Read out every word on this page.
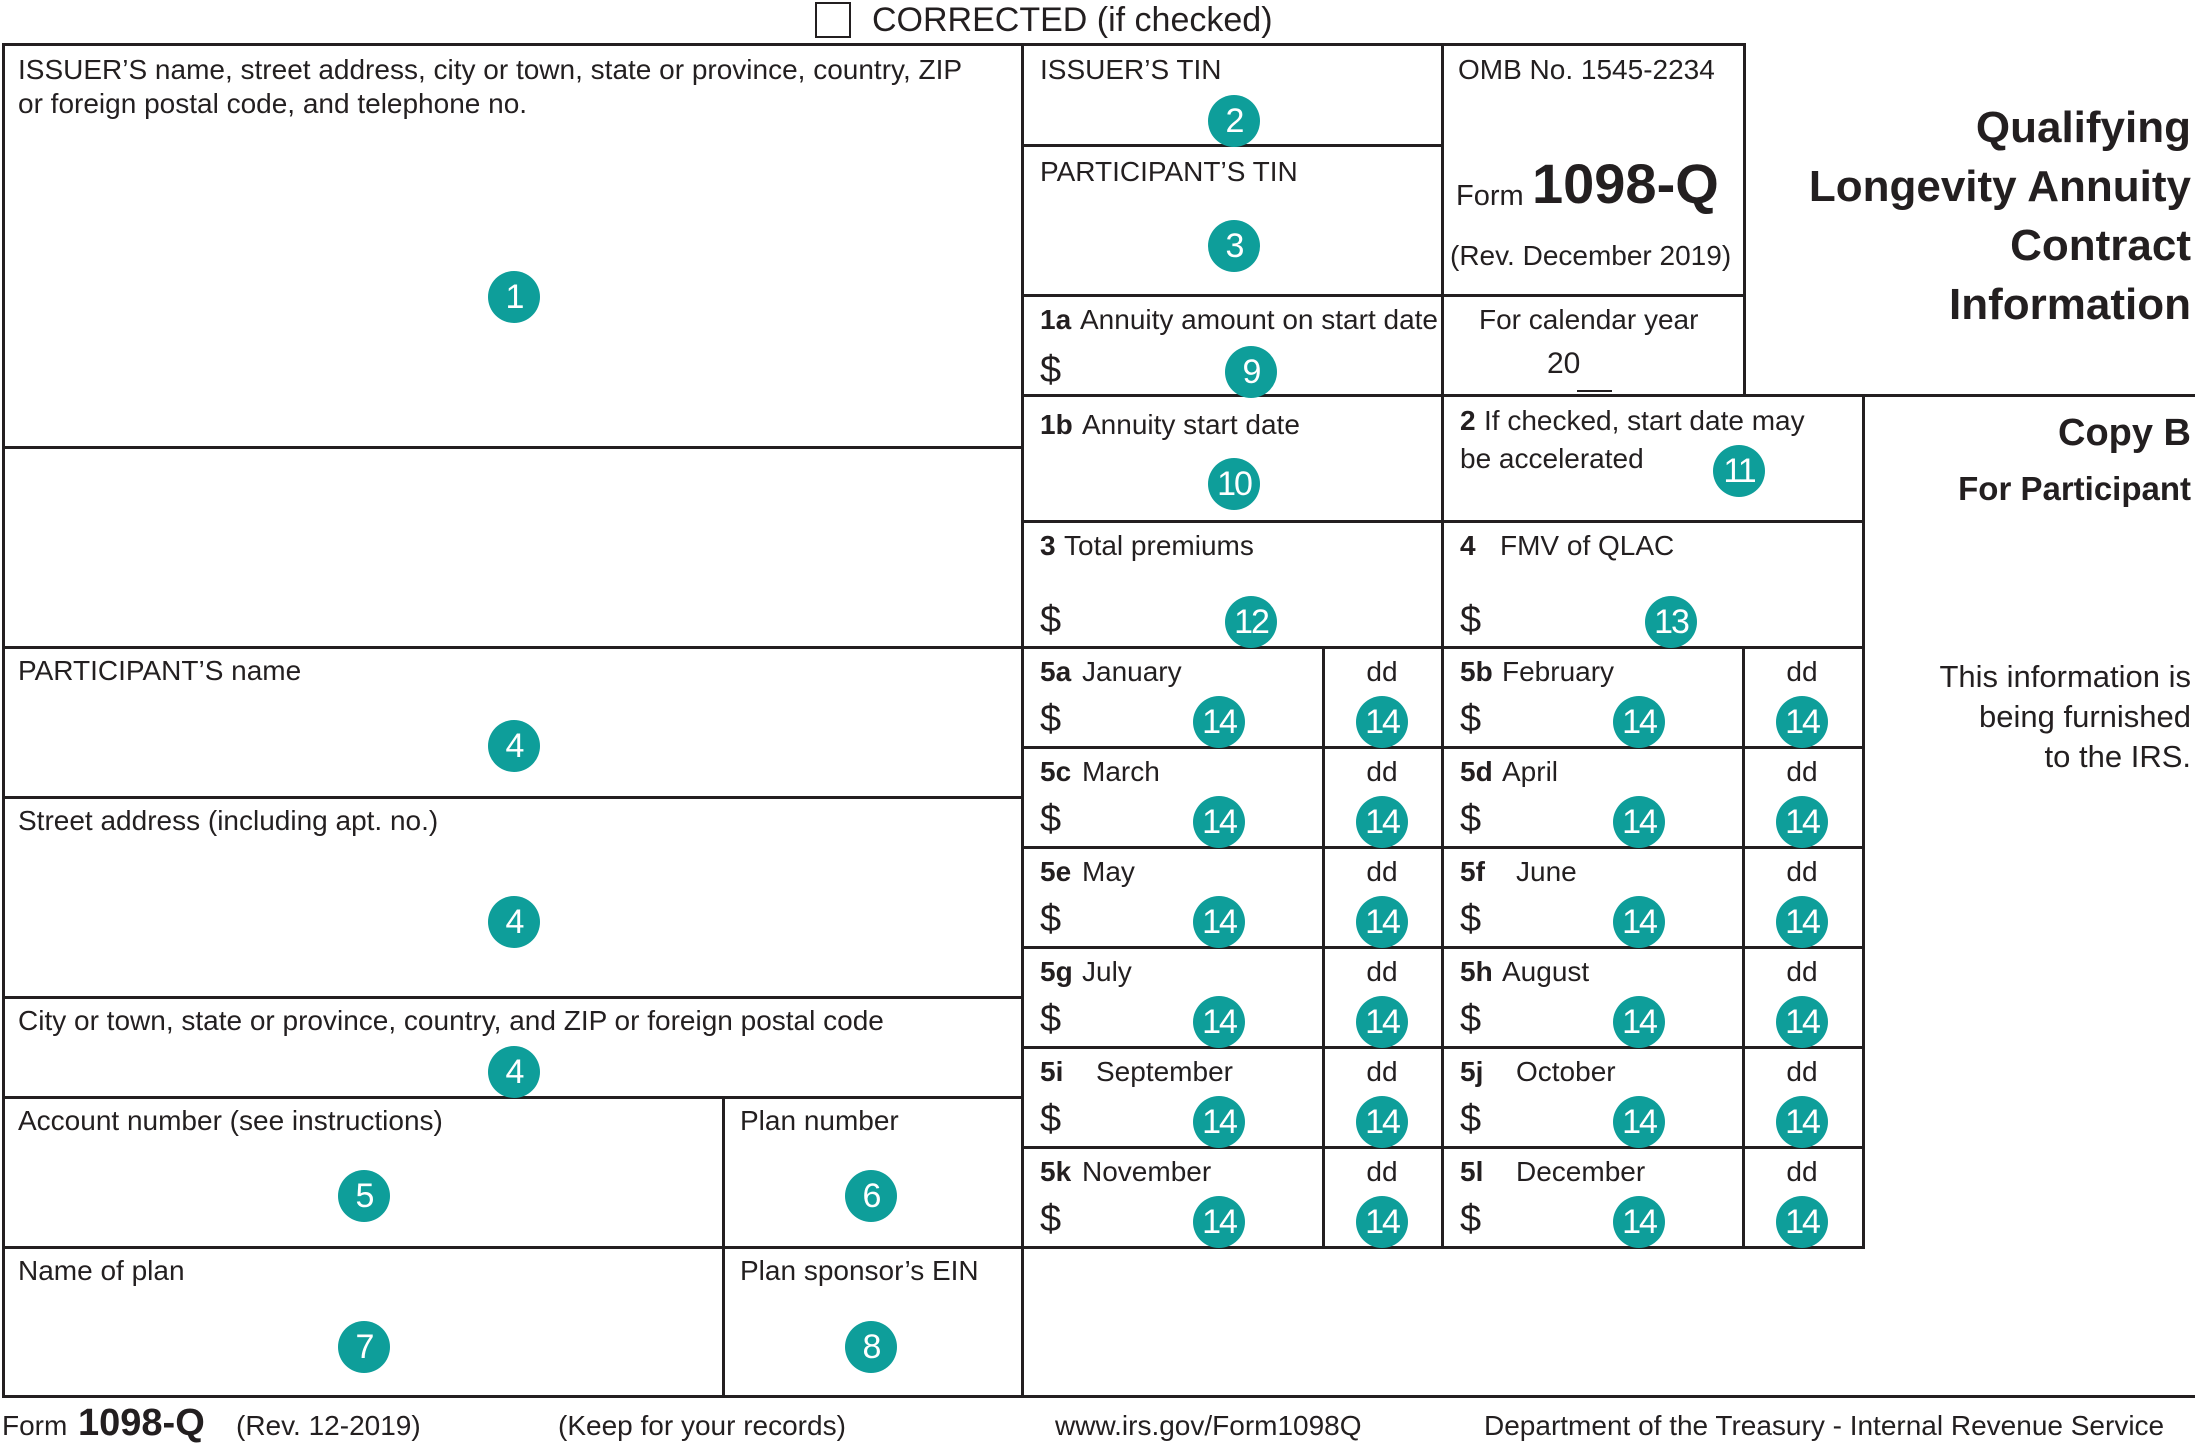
CORRECTED (if checked)
ISSUER’S name, street address, city or town, state or province, country, ZIP
or foreign postal code, and telephone no.
1
ISSUER’S TIN
2
PARTICIPANT’S TIN
3
OMB No. 1545-2234
Form 1098-Q
(Rev. December 2019)
1a Annuity amount on start date
$	9
For calendar year
20
Qualifying
Longevity Annuity
Contract
Information
1b Annuity start date
10
2 If checked, start date may
be accelerated	11
Copy B
For Participant
3 Total premiums
$	12
4 FMV of QLAC
$	13
This information is
being furnished
to the IRS.
PARTICIPANT’S name
4
Street address (including apt. no.)
4
City or town, state or province, country, and ZIP or foreign postal code
4
Account number (see instructions)
5
Plan number
6
Name of plan
7
Plan sponsor’s EIN
8
5a January	dd
$	14	14
5b February	dd
$	14	14
5c March	dd
$	14	14
5d April	dd
$	14	14
5e May	dd
$	14	14
5f June	dd
$	14	14
5g July	dd
$	14	14
5h August	dd
$	14	14
5i September	dd
$	14	14
5j October	dd
$	14	14
5k November	dd
$	14	14
5l December	dd
$	14	14
Form 1098-Q (Rev. 12-2019)	(Keep for your records)	www.irs.gov/Form1098Q	Department of the Treasury - Internal Revenue Service
